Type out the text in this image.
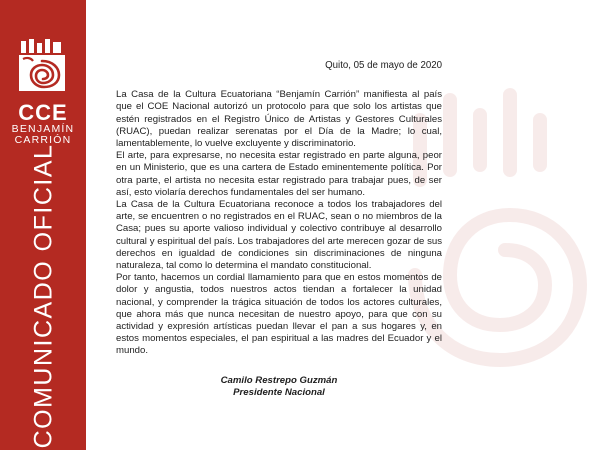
CCE
BENJAMÍN
CARRIÓN
COMUNICADO OFICIAL
Quito, 05 de mayo de 2020

La Casa de la Cultura Ecuatoriana “Benjamín Carrión” manifiesta al país que el COE Nacional autorizó un protocolo para que solo los artistas que estén registrados en el Registro Único de Artistas y Gestores Culturales (RUAC), puedan realizar serenatas por el Día de la Madre; lo cual, lamentablemente, lo vuelve excluyente y discriminatorio.

El arte, para expresarse, no necesita estar registrado en parte alguna, peor en un Ministerio, que es una cartera de Estado eminentemente política. Por otra parte, el artista no necesita estar registrado para trabajar pues, de ser así, esto violaría derechos fundamentales del ser humano.

La Casa de la Cultura Ecuatoriana reconoce a todos los trabajadores del arte, se encuentren o no registrados en el RUAC, sean o no miembros de la Casa; pues su aporte valioso individual y colectivo contribuye al desarrollo cultural y espiritual del país. Los trabajadores del arte merecen gozar de sus derechos en igualdad de condiciones sin discriminaciones de ninguna naturaleza, tal como lo determina el mandato constitucional.

Por tanto, hacemos un cordial llamamiento para que en estos momentos de dolor y angustia, todos nuestros actos tiendan a fortalecer la unidad nacional, y comprender la trágica situación de todos los actores culturales, que ahora más que nunca necesitan de nuestro apoyo, para que con su actividad y expresión artísticas puedan llevar el pan a sus hogares y, en estos momentos especiales, el pan espiritual a las madres del Ecuador y el mundo.

Camilo Restrepo Guzmán
Presidente Nacional
